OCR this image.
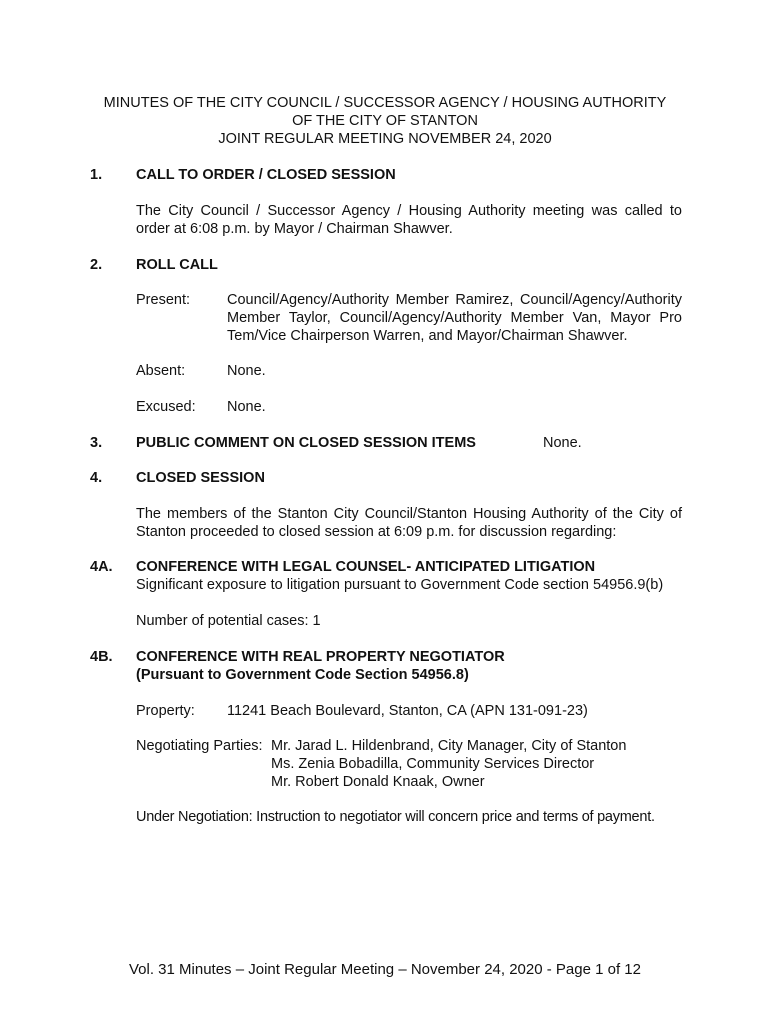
MINUTES OF THE CITY COUNCIL / SUCCESSOR AGENCY / HOUSING AUTHORITY
OF THE CITY OF STANTON
JOINT REGULAR MEETING NOVEMBER 24, 2020
1. CALL TO ORDER / CLOSED SESSION
The City Council / Successor Agency / Housing Authority meeting was called to
order at 6:08 p.m. by Mayor / Chairman Shawver.
2. ROLL CALL
Present:	Council/Agency/Authority Member Ramirez, Council/Agency/Authority
Member Taylor, Council/Agency/Authority Member Van, Mayor Pro
Tem/Vice Chairperson Warren, and Mayor/Chairman Shawver.
Absent:	None.
Excused: None.
3. PUBLIC COMMENT ON CLOSED SESSION ITEMS	None.
4. CLOSED SESSION
The members of the Stanton City Council/Stanton Housing Authority of the City of
Stanton proceeded to closed session at 6:09 p.m. for discussion regarding:
4A. CONFERENCE WITH LEGAL COUNSEL- ANTICIPATED LITIGATION
Significant exposure to litigation pursuant to Government Code section 54956.9(b)
Number of potential cases: 1
4B. CONFERENCE WITH REAL PROPERTY NEGOTIATOR
(Pursuant to Government Code Section 54956.8)
Property: 11241 Beach Boulevard, Stanton, CA (APN 131-091-23)
Negotiating Parties: Mr. Jarad L. Hildenbrand, City Manager, City of Stanton
Ms. Zenia Bobadilla, Community Services Director
Mr. Robert Donald Knaak, Owner
Under Negotiation: Instruction to negotiator will concern price and terms of payment.
Vol. 31 Minutes – Joint Regular Meeting – November 24, 2020 - Page 1 of 12
